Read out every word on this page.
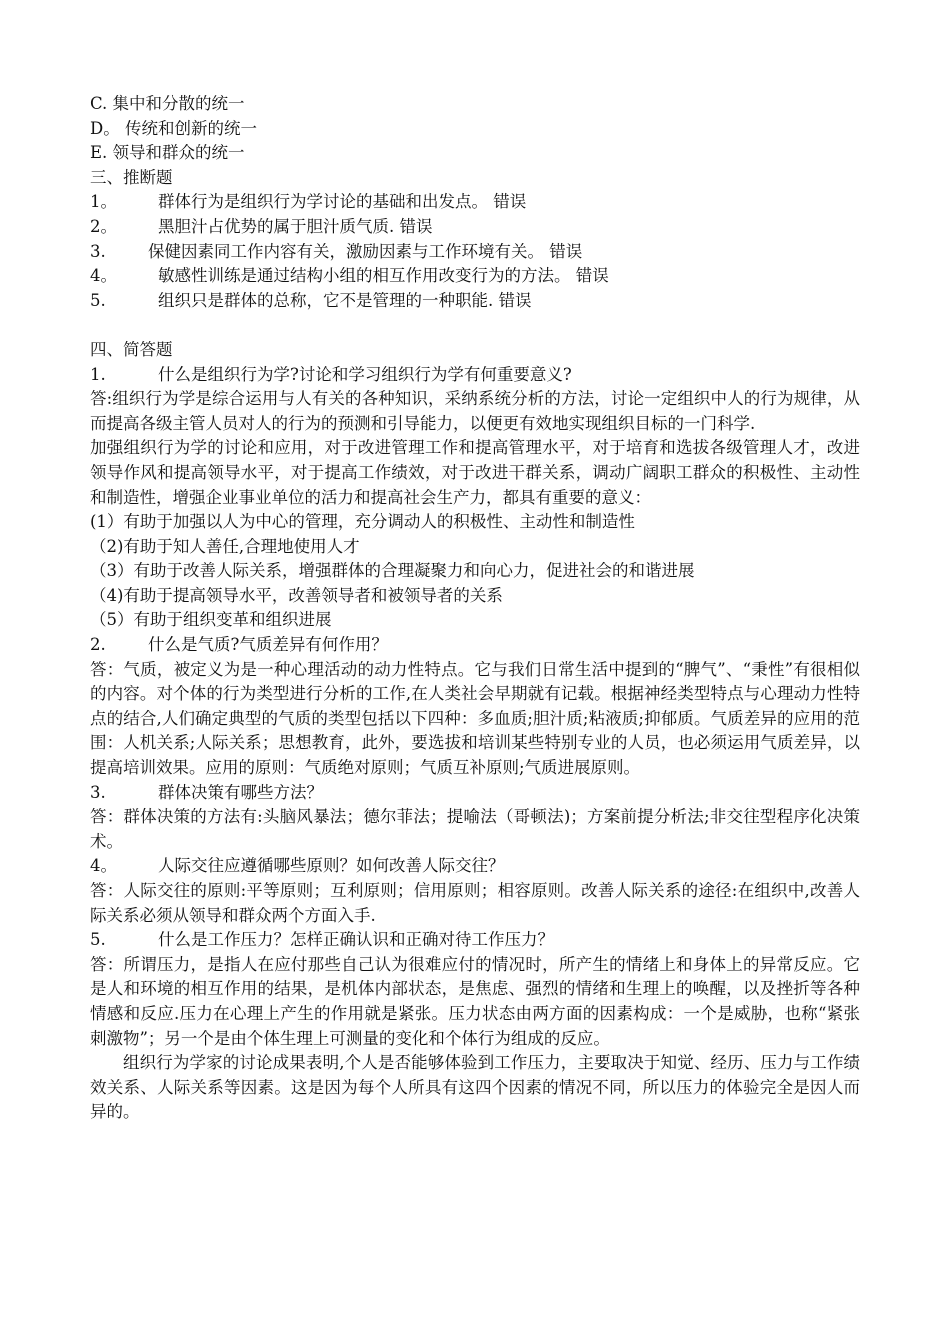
C. 集中和分散的统一
D。 传统和创新的统一
E. 领导和群众的统一
三、推断题
1。 群体行为是组织行为学讨论的基础和出发点。 错误
2。 黑胆汁占优势的属于胆汁质气质. 错误
3.	保健因素同工作内容有关，激励因素与工作环境有关。 错误
4。 敏感性训练是通过结构小组的相互作用改变行为的方法。 错误
5.	组织只是群体的总称，它不是管理的一种职能. 错误
四、简答题
1.	什么是组织行为学?讨论和学习组织行为学有何重要意义?
答:组织行为学是综合运用与人有关的各种知识，采纳系统分析的方法，讨论一定组织中人的行为规律，从而提高各级主管人员对人的行为的预测和引导能力，以便更有效地实现组织目标的一门科学.
加强组织行为学的讨论和应用，对于改进管理工作和提高管理水平，对于培育和选拔各级管理人才，改进领导作风和提高领导水平，对于提高工作绩效，对于改进干群关系，调动广阔职工群众的积极性、主动性和制造性，增强企业事业单位的活力和提高社会生产力，都具有重要的意义：
(1）有助于加强以人为中心的管理，充分调动人的积极性、主动性和制造性
（2)有助于知人善任,合理地使用人才
（3）有助于改善人际关系，增强群体的合理凝聚力和向心力，促进社会的和谐进展
（4)有助于提高领导水平，改善领导者和被领导者的关系
（5）有助于组织变革和组织进展
2.	什么是气质?气质差异有何作用？
答：气质，被定义为是一种心理活动的动力性特点。它与我们日常生活中提到的“脾气”、“秉性”有很相似的内容。对个体的行为类型进行分析的工作,在人类社会早期就有记载。根据神经类型特点与心理动力性特点的结合,人们确定典型的气质的类型包括以下四种：多血质;胆汁质;粘液质;抑郁质。气质差异的应用的范围：人机关系;人际关系；思想教育，此外，要选拔和培训某些特别专业的人员，也必须运用气质差异，以提高培训效果。应用的原则：气质绝对原则；气质互补原则;气质进展原则。
3.	群体决策有哪些方法？
答：群体决策的方法有:头脑风暴法；德尔菲法；提喻法（哥顿法)；方案前提分析法;非交往型程序化决策术。
4。 人际交往应遵循哪些原则？如何改善人际交往？
答：人际交往的原则:平等原则；互利原则；信用原则；相容原则。改善人际关系的途径:在组织中,改善人际关系必须从领导和群众两个方面入手.
5.	什么是工作压力？怎样正确认识和正确对待工作压力？
答：所谓压力，是指人在应付那些自己认为很难应付的情况时，所产生的情绪上和身体上的异常反应。它是人和环境的相互作用的结果，是机体内部状态，是焦虑、强烈的情绪和生理上的唤醒，以及挫折等各种情感和反应.压力在心理上产生的作用就是紧张。压力状态由两方面的因素构成：一个是威胁，也称“紧张刺激物”；另一个是由个体生理上可测量的变化和个体行为组成的反应。
组织行为学家的讨论成果表明,个人是否能够体验到工作压力，主要取决于知觉、经历、压力与工作绩效关系、人际关系等因素。这是因为每个人所具有这四个因素的情况不同，所以压力的体验完全是因人而异的。
